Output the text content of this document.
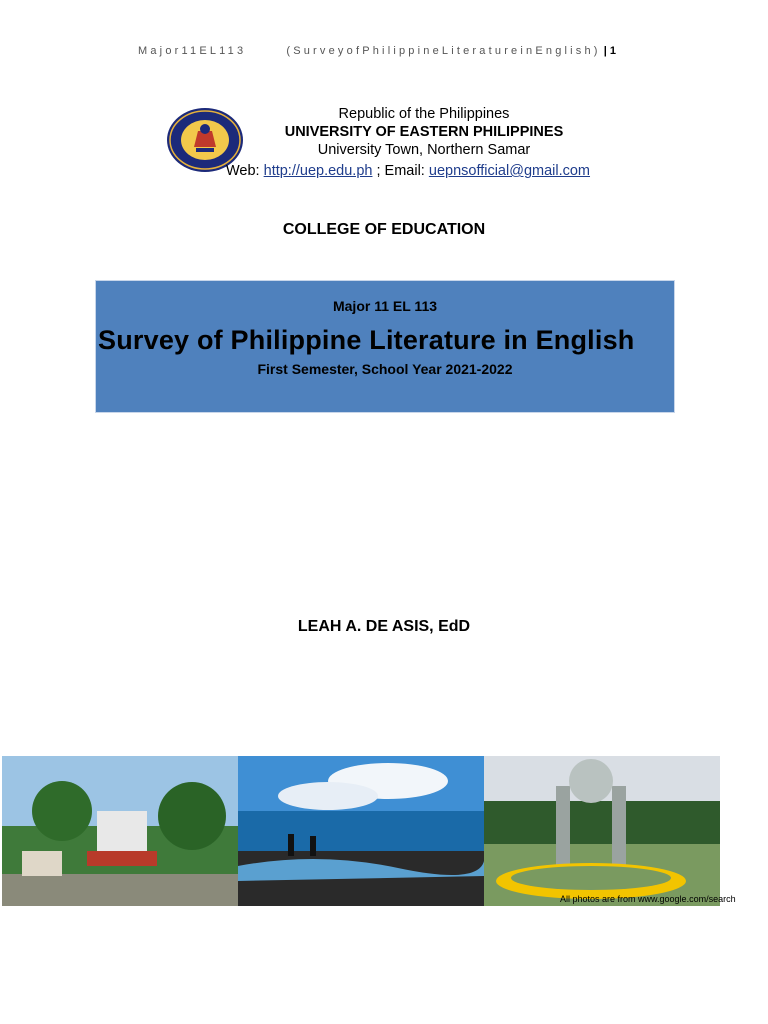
Major11EL113	(SurveyofPhilippineLiteratureinEnglish) | 1
Republic of the Philippines
UNIVERSITY OF EASTERN PHILIPPINES
University Town, Northern Samar
Web: http://uep.edu.ph ; Email: uepnsofficial@gmail.com
COLLEGE OF EDUCATION
Major 11 EL 113
Survey of Philippine Literature in English
First Semester, School Year 2021-2022
LEAH A. DE ASIS, EdD
All photos are from www.google.com/search
